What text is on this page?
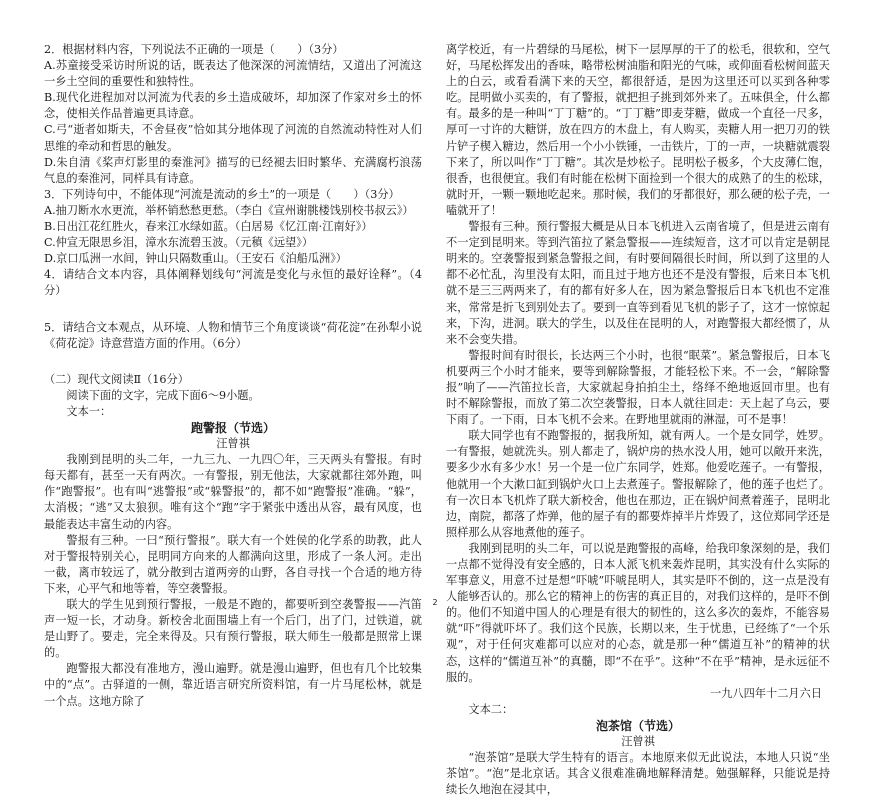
2．根据材料内容，下列说法不正确的一项是（　　）（3分）

A.苏童接受采访时所说的话，既表达了他深深的河流情结，又道出了河流这一乡土空间的重要性和独特性。

B.现代化进程加对以河流为代表的乡土造成破坏，却加深了作家对乡土的怀念，使相关作品普遍更具诗意。

C.弓“逝者如斯夫，不舍昼夜”恰如其分地体现了河流的自然流动特性对人们思维的牵动和哲思的触发。

D.朱自清《桨声灯影里的秦淮河》描写的已经褪去旧时繁华、充满腐朽浪荡气息的秦淮河，同样具有诗意。

3．下列诗句中，不能体现“河流是流动的乡土”的一项是（　　）（3分）

A.抽刀断水水更流，举杯销愁愁更愁。（李白《宣州谢朓楼饯别校书叔云》）

B.日出江花红胜火，春来江水绿如蓝。（白居易《忆江南·江南好》）

C.仲宣无限思乡泪，漳水东流碧玉波。（元稹《远望》）

D.京口瓜洲一水间，钟山只隔数重山。（王安石《泊船瓜洲》）

4．请结合文本内容，具体阐释划线句“河流是变化与永恒的最好诠释”。（4分）

5．请结合文本观点，从环境、人物和情节三个角度谈谈“荷花淀”在孙犁小说《荷花淀》诗意营造方面的作用。（6分）

（二）现代文阅读Ⅱ（16分）

阅读下面的文字，完成下面6～9小题。

文本一：

跑警报（节选）

汪曾祺

我刚到昆明的头二年，一九三九、一九四〇年，三天两头有警报。有时每天都有，甚至一天有两次。一有警报，别无他法，大家就都往郊外跑，叫作“跑警报”。也有叫“逃警报”或“躲警报”的，都不如“跑警报”准确。“躲”，太消极；“逃”又太狼狈。唯有这个“跑”字于紧张中透出从容，最有风度，也最能表达丰富生动的内容。

警报有三种。一曰“预行警报”。联大有一个姓侯的化学系的助教，此人对于警报特别关心，昆明同方向来的人都满向这里，形成了一条人河。走出一截，离市较远了，就分散到古道两旁的山野，各自寻找一个合适的地方待下来，心平气和地等着，等空袭警报。

联大的学生见到预行警报，一般是不跑的，都要听到空袭警报——汽笛声一短一长，才动身。新校舍北面围墙上有一个后门，出了门，过铁道，就是山野了。要走，完全来得及。只有预行警报，联大师生一般都是照常上课的。

跑警报大都没有准地方，漫山遍野。就是漫山遍野，但也有几个比较集中的“点”。古驿道的一侧，靠近语言研究所资料馆，有一片马尾松林，就是一个点。这地方除了

离学校近，有一片碧绿的马尾松，树下一层厚厚的干了的松毛，很软和，空气好，马尾松挥发出的香味，略带松树油脂和阳光的气味，或仰面看松树间蓝天上的白云，或看看满下来的天空，都很舒适，是因为这里还可以买到各种零吃。昆明做小买卖的，有了警报，就把担子挑到郊外来了。五味俱全，什么都有。最多的是一种叫“丁丁糖”的。“丁丁糖”即麦芽糖，做成一个直径一尺多，厚可一寸许的大糖饼，放在四方的木盘上，有人购买，卖糖人用一把刀刃的铁片铲子楔入糖边，然后用一个小小铁锤，一击铁片，丁的一声，一块糖就震裂下来了，所以叫作“丁丁糖”。其次是炒松子。昆明松子极多，个大皮薄仁饱，很香，也很便宜。我们有时能在松树下面捡到一个很大的成熟了的生的松球，就时开，一颗一颗地吃起来。那时候，我们的牙都很好，那么硬的松子壳，一嗑就开了！

警报有三种。预行警报大概是从日本飞机进入云南省境了，但是进云南有不一定到昆明来。等到汽笛拉了紧急警报——连续短音，这才可以肯定是朝昆明来的。空袭警报到紧急警报之间，有时要间隔很长时间，所以到了这里的人都不必忙乱，沟里没有太阳，而且过于地方也还不是没有警报，后来日本飞机就不是三三两两来了，有的都有好多人在，因为紧急警报后日本飞机也不定准来，常常是折飞到别处去了。要到一直等到看见飞机的影子了，这才一惊惊起来，下沟，进洞。联大的学生，以及住在昆明的人，对跑警报大都经惯了，从来不会变失措。

警报时间有时很长，长达两三个小时，也很“眠菜”。紧急警报后，日本飞机要两三个小时才能来，要等到解除警报，才能轻松下来。不一会，“解除警报”响了——汽笛拉长音，大家就起身拍拍尘土，络绎不绝地返回市里。也有时不解除警报，而放了第二次空袭警报，日本人就往回走：天上起了乌云，要下雨了。一下雨，日本飞机不会来。在野地里就雨的淋湿，可不是事！

联大同学也有不跑警报的，据我所知，就有两人。一个是女同学，姓罗。一有警报，她就洗头。别人都走了，锅炉房的热水没人用，她可以敞开来洗，要多少水有多少水！另一个是一位广东同学，姓郑。他爱吃莲子。一有警报，他就用一个大漱口缸到锅炉火口上去煮莲子。警报解除了，他的莲子也烂了。有一次日本飞机炸了联大新校舍，他也在那边，正在锅炉间煮着莲子，昆明北边，南院，都落了炸弹，他的屋子有的都要炸掉半片炸毁了，这位郑同学还是照样那么从容地煮他的莲子。

我刚到昆明的头二年，可以说是跑警报的高峰，给我印象深刻的是，我们一点都不觉得没有安全感的，日本人派飞机来轰炸昆明，其实没有什么实际的军事意义，用意不过是想“吓唬”吓唬昆明人，其实是吓不倒的，这一点是没有人能够否认的。那么它的精神上的伤害的真正目的，对我们这样的，是吓不倒的。他们不知道中国人的心理是有很大的韧性的，这么多次的轰炸，不能容易就“吓”得就吓坏了。我们这个民族，长期以来，生于忧患，已经练了“一个乐观”，对于任何灾难都可以应对的心态，就是那一种“儒道互补”的精神的状态，这样的“儒道互补”的真髓，即“不在乎”。这种“不在乎”精神，是永远征不服的。

一九八四年十二月六日

文本二：

泡茶馆（节选）

汪曾祺

“泡茶馆”是联大学生特有的语言。本地原来似无此说法，本地人只说“坐茶馆”。“泡”是北京话。其含义很难准确地解释清楚。勉强解释，只能说是持续长久地泡在浸其中，

2
